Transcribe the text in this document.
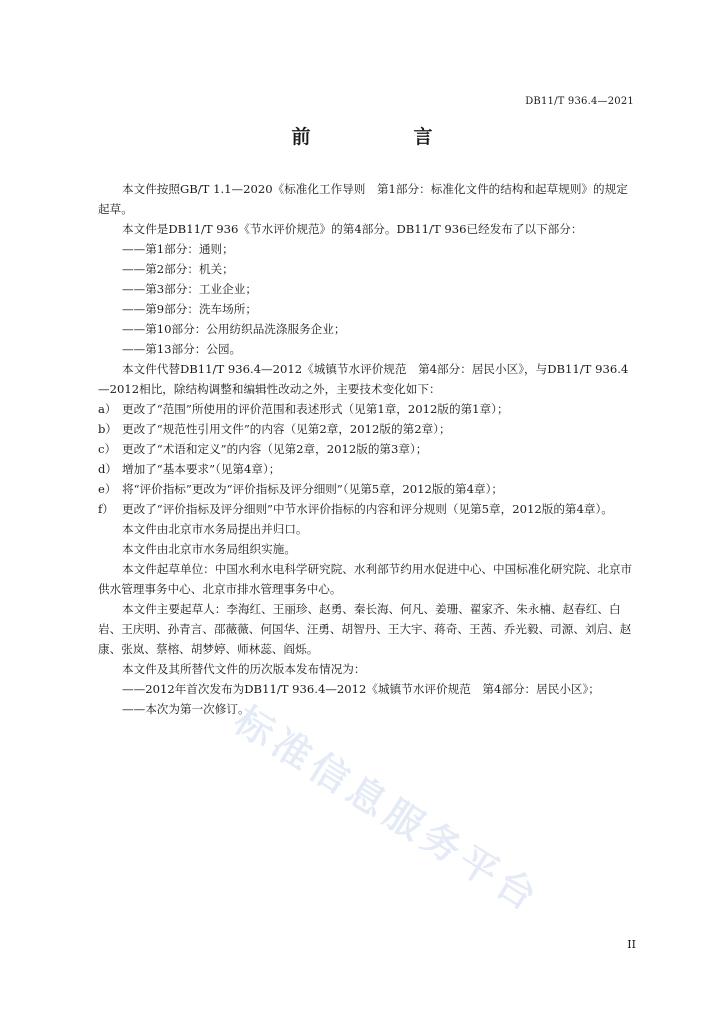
DB11/T 936.4—2021
前　言

本文件按照GB/T 1.1—2020《标准化工作导则　第1部分：标准化文件的结构和起草规则》的规定起草。

本文件是DB11/T 936《节水评价规范》的第4部分。DB11/T 936已经发布了以下部分：

——第1部分：通则；

——第2部分：机关；

——第3部分：工业企业；

——第9部分：洗车场所；

——第10部分：公用纺织品洗涤服务企业；

——第13部分：公园。

本文件代替DB11/T 936.4—2012《城镇节水评价规范　第4部分：居民小区》，与DB11/T 936.4—2012相比，除结构调整和编辑性改动之外，主要技术变化如下：

a） 更改了“范围”所使用的评价范围和表述形式（见第1章，2012版的第1章）；
b） 更改了“规范性引用文件”的内容（见第2章，2012版的第2章）；
c） 更改了“术语和定义”的内容（见第2章，2012版的第3章）；
d） 增加了“基本要求”（见第4章）；
e） 将“评价指标”更改为“评价指标及评分细则”（见第5章，2012版的第4章）；
f） 更改了“评价指标及评分细则”中节水评价指标的内容和评分规则（见第5章，2012版的第4章）。

本文件由北京市水务局提出并归口。

本文件由北京市水务局组织实施。

本文件起草单位：中国水利水电科学研究院、水利部节约用水促进中心、中国标准化研究院、北京市供水管理事务中心、北京市排水管理事务中心。

本文件主要起草人：李海红、王丽珍、赵勇、秦长海、何凡、姜珊、翟家齐、朱永楠、赵春红、白岩、王庆明、孙青言、邵薇薇、何国华、汪勇、胡智丹、王大宇、蒋奇、王茜、乔光毅、司源、刘启、赵康、张岚、蔡榕、胡梦婷、师林蕊、阎烁。

本文件及其所替代文件的历次版本发布情况为：

——2012年首次发布为DB11/T 936.4—2012《城镇节水评价规范　第4部分：居民小区》；

——本次为第一次修订。

标准信息服务平台
II
